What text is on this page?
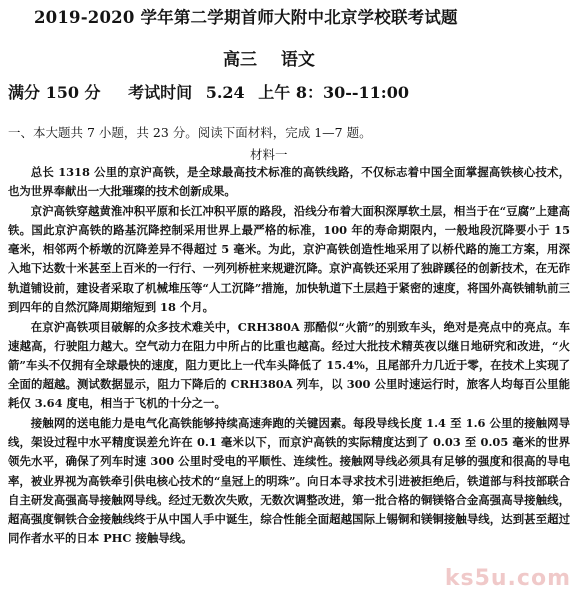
2019-2020 学年第二学期首师大附中北京学校联考试题
高三 语文
满分 150 分 考试时间 5.24 上午 8：30--11:00
一、本大题共 7 小题，共 23 分。阅读下面材料，完成 1—7 题。
材料一

总长 1318 公里的京沪高铁，是全球最高技术标准的高铁线路，不仅标志着中国全面掌握高铁核心技术，也为世界奉献出一大批璀璨的技术创新成果。

京沪高铁穿越黄淮冲积平原和长江冲积平原的路段，沿线分布着大面积深厚软土层，相当于在“豆腐”上建高铁。国此京沪高铁的路基沉降控制采用世界上最严格的标准，100 年的寿命期限内，一般地段沉降要小于 15 毫米，相邻两个桥墩的沉降差异不得超过 5 毫米。为此，京沪高铁创造性地采用了以桥代路的施工方案，用深入地下达数十米甚至上百米的一行行、一列列桥桩来规避沉降。京沪高铁还采用了独辟蹊径的创新技术，在无砟轨道铺设前，建设者采取了机械堆压等“人工沉降”措施，加快轨道下土层趋于紧密的速度，将国外高铁铺轨前三到四年的自然沉降周期缩短到 18 个月。

在京沪高铁项目破解的众多技术难关中，CRH380A 那酷似“火箭”的别致车头，绝对是亮点中的亮点。车速越高，行驶阻力越大。空气动力在阻力中所占的比重也越高。经过大批技术精英夜以继日地研究和改进，“火箭”车头不仅拥有全球最快的速度，阻力更比上一代车头降低了 15.4%，且尾部升力几近于零，在技术上实现了全面的超越。测试数据显示，阻力下降后的 CRH380A 列车，以 300 公里时速运行时，旅客人均每百公里能耗仅 3.64 度电，相当于飞机的十分之一。

接触网的送电能力是电气化高铁能够持续高速奔跑的关键因素。每段导线长度 1.4 至 1.6 公里的接触网导线，架设过程中水平精度误差允许在 0.1 毫米以下，而京沪高铁的实际精度达到了 0.03 至 0.05 毫米的世界领先水平，确保了列车时速 300 公里时受电的平顺性、连续性。接触网导线必须具有足够的强度和很高的导电率，被业界视为高铁牵引供电核心技术的“皇冠上的明珠”。向日本寻求技术引进被拒绝后，铁道部与科技部联合自主研发高强高导接触网导线。经过无数次失败，无数次调整改进，第一批合格的铜镁铬合金高强高导接触线，超高强度铜铁合金接触线终于从中国人手中诞生，综合性能全面超越国际上锡铜和镁铜接触导线，达到甚至超过同作者水平的日本 PHC 接触导线。

ks5u.com
